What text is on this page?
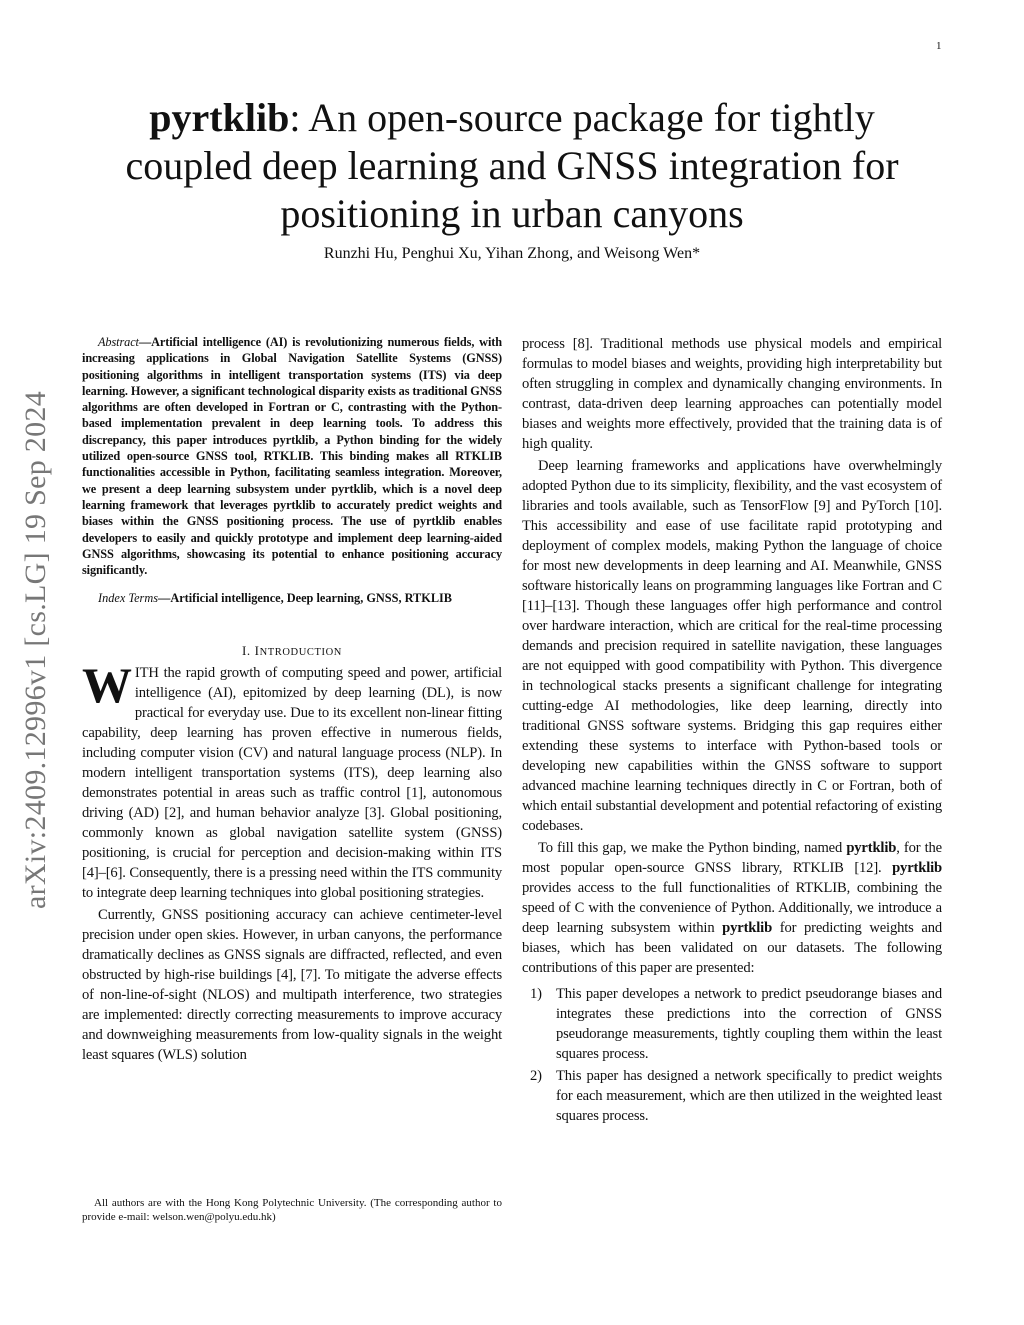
1
arXiv:2409.12996v1 [cs.LG] 19 Sep 2024
pyrtklib: An open-source package for tightly coupled deep learning and GNSS integration for positioning in urban canyons
Runzhi Hu, Penghui Xu, Yihan Zhong, and Weisong Wen*

Abstract—Artificial intelligence (AI) is revolutionizing numerous fields, with increasing applications in Global Navigation Satellite Systems (GNSS) positioning algorithms in intelligent transportation systems (ITS) via deep learning. However, a significant technological disparity exists as traditional GNSS algorithms are often developed in Fortran or C, contrasting with the Python-based implementation prevalent in deep learning tools. To address this discrepancy, this paper introduces pyrtklib, a Python binding for the widely utilized open-source GNSS tool, RTKLIB. This binding makes all RTKLIB functionalities accessible in Python, facilitating seamless integration. Moreover, we present a deep learning subsystem under pyrtklib, which is a novel deep learning framework that leverages pyrtklib to accurately predict weights and biases within the GNSS positioning process. The use of pyrtklib enables developers to easily and quickly prototype and implement deep learning-aided GNSS algorithms, showcasing its potential to enhance positioning accuracy significantly.

Index Terms—Artificial intelligence, Deep learning, GNSS, RTKLIB

I. INTRODUCTION

WITH the rapid growth of computing speed and power, artificial intelligence (AI), epitomized by deep learning (DL), is now practical for everyday use. Due to its excellent non-linear fitting capability, deep learning has proven effective in numerous fields, including computer vision (CV) and natural language process (NLP). In modern intelligent transportation systems (ITS), deep learning also demonstrates potential in areas such as traffic control [1], autonomous driving (AD) [2], and human behavior analyze [3]. Global positioning, commonly known as global navigation satellite system (GNSS) positioning, is crucial for perception and decision-making within ITS [4]–[6]. Consequently, there is a pressing need within the ITS community to integrate deep learning techniques into global positioning strategies.

Currently, GNSS positioning accuracy can achieve centimeter-level precision under open skies. However, in urban canyons, the performance dramatically declines as GNSS signals are diffracted, reflected, and even obstructed by high-rise buildings [4], [7]. To mitigate the adverse effects of non-line-of-sight (NLOS) and multipath interference, two strategies are implemented: directly correcting measurements to improve accuracy and downweighing measurements from low-quality signals in the weight least squares (WLS) solution

All authors are with the Hong Kong Polytechnic University. (The corresponding author to provide e-mail: welson.wen@polyu.edu.hk)

process [8]. Traditional methods use physical models and empirical formulas to model biases and weights, providing high interpretability but often struggling in complex and dynamically changing environments. In contrast, data-driven deep learning approaches can potentially model biases and weights more effectively, provided that the training data is of high quality.

Deep learning frameworks and applications have overwhelmingly adopted Python due to its simplicity, flexibility, and the vast ecosystem of libraries and tools available, such as TensorFlow [9] and PyTorch [10]. This accessibility and ease of use facilitate rapid prototyping and deployment of complex models, making Python the language of choice for most new developments in deep learning and AI. Meanwhile, GNSS software historically leans on programming languages like Fortran and C [11]–[13]. Though these languages offer high performance and control over hardware interaction, which are critical for the real-time processing demands and precision required in satellite navigation, these languages are not equipped with good compatibility with Python. This divergence in technological stacks presents a significant challenge for integrating cutting-edge AI methodologies, like deep learning, directly into traditional GNSS software systems. Bridging this gap requires either extending these systems to interface with Python-based tools or developing new capabilities within the GNSS software to support advanced machine learning techniques directly in C or Fortran, both of which entail substantial development and potential refactoring of existing codebases.

To fill this gap, we make the Python binding, named pyrtklib, for the most popular open-source GNSS library, RTKLIB [12]. pyrtklib provides access to the full functionalities of RTKLIB, combining the speed of C with the convenience of Python. Additionally, we introduce a deep learning subsystem within pyrtklib for predicting weights and biases, which has been validated on our datasets. The following contributions of this paper are presented:

1) This paper developes a network to predict pseudorange biases and integrates these predictions into the correction of GNSS pseudorange measurements, tightly coupling them within the least squares process.
2) This paper has designed a network specifically to predict weights for each measurement, which are then utilized in the weighted least squares process.
